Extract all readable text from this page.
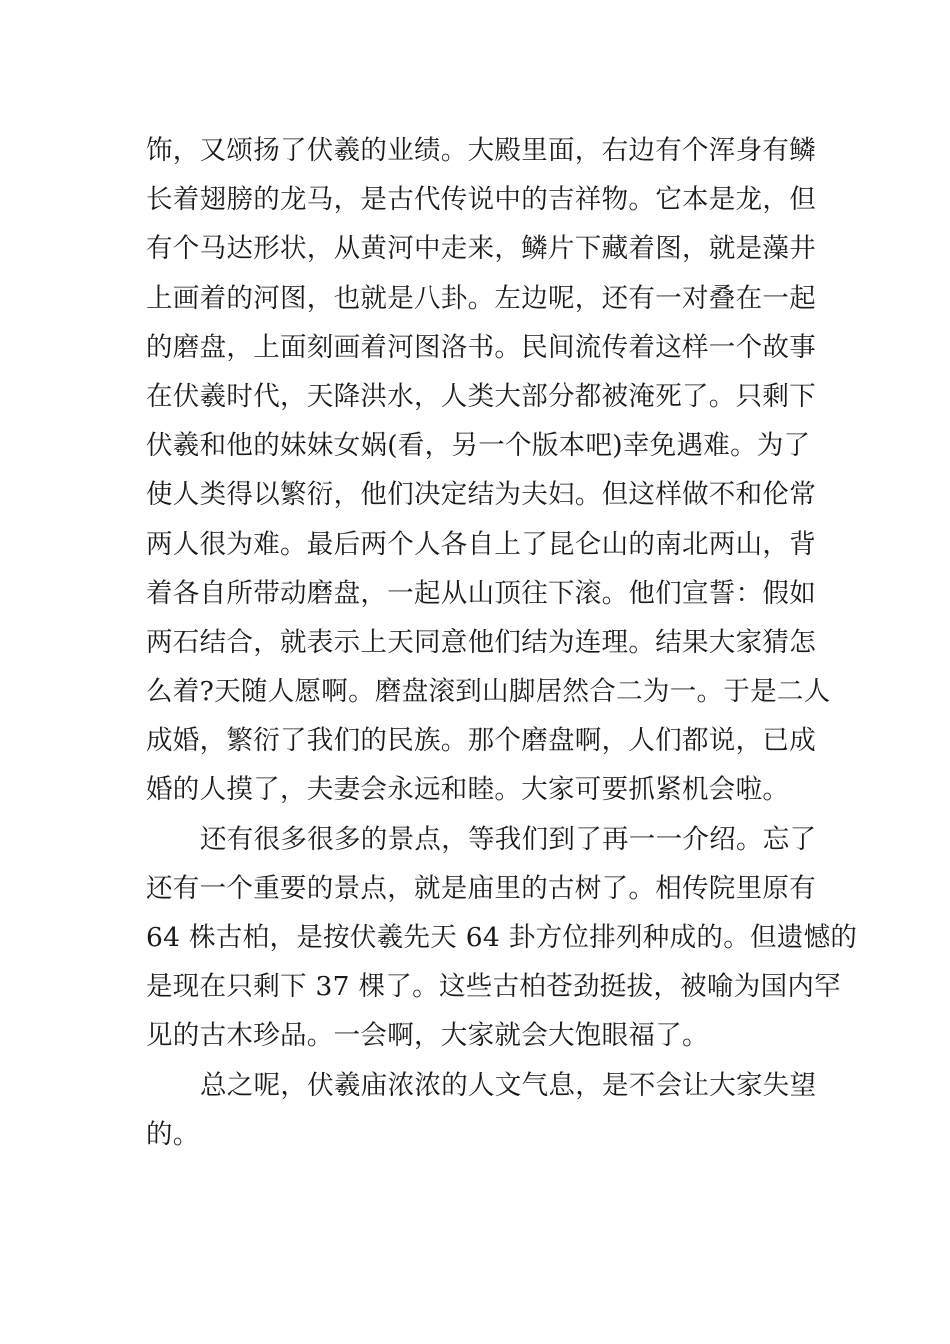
饰，又颂扬了伏羲的业绩。大殿里面，右边有个浑身有鳞
长着翅膀的龙马，是古代传说中的吉祥物。它本是龙，但
有个马达形状，从黄河中走来，鳞片下藏着图，就是藻井
上画着的河图，也就是八卦。左边呢，还有一对叠在一起
的磨盘，上面刻画着河图洛书。民间流传着这样一个故事
在伏羲时代，天降洪水，人类大部分都被淹死了。只剩下
伏羲和他的妹妹女娲(看，另一个版本吧)幸免遇难。为了
使人类得以繁衍，他们决定结为夫妇。但这样做不和伦常
两人很为难。最后两个人各自上了昆仑山的南北两山，背
着各自所带动磨盘，一起从山顶往下滚。他们宣誓：假如
两石结合，就表示上天同意他们结为连理。结果大家猜怎
么着?天随人愿啊。磨盘滚到山脚居然合二为一。于是二人
成婚，繁衍了我们的民族。那个磨盘啊，人们都说，已成
婚的人摸了，夫妻会永远和睦。大家可要抓紧机会啦。
还有很多很多的景点，等我们到了再一一介绍。忘了
还有一个重要的景点，就是庙里的古树了。相传院里原有
64 株古柏，是按伏羲先天 64 卦方位排列种成的。但遗憾的
是现在只剩下 37 棵了。这些古柏苍劲挺拔，被喻为国内罕
见的古木珍品。一会啊，大家就会大饱眼福了。
总之呢，伏羲庙浓浓的人文气息，是不会让大家失望
的。
